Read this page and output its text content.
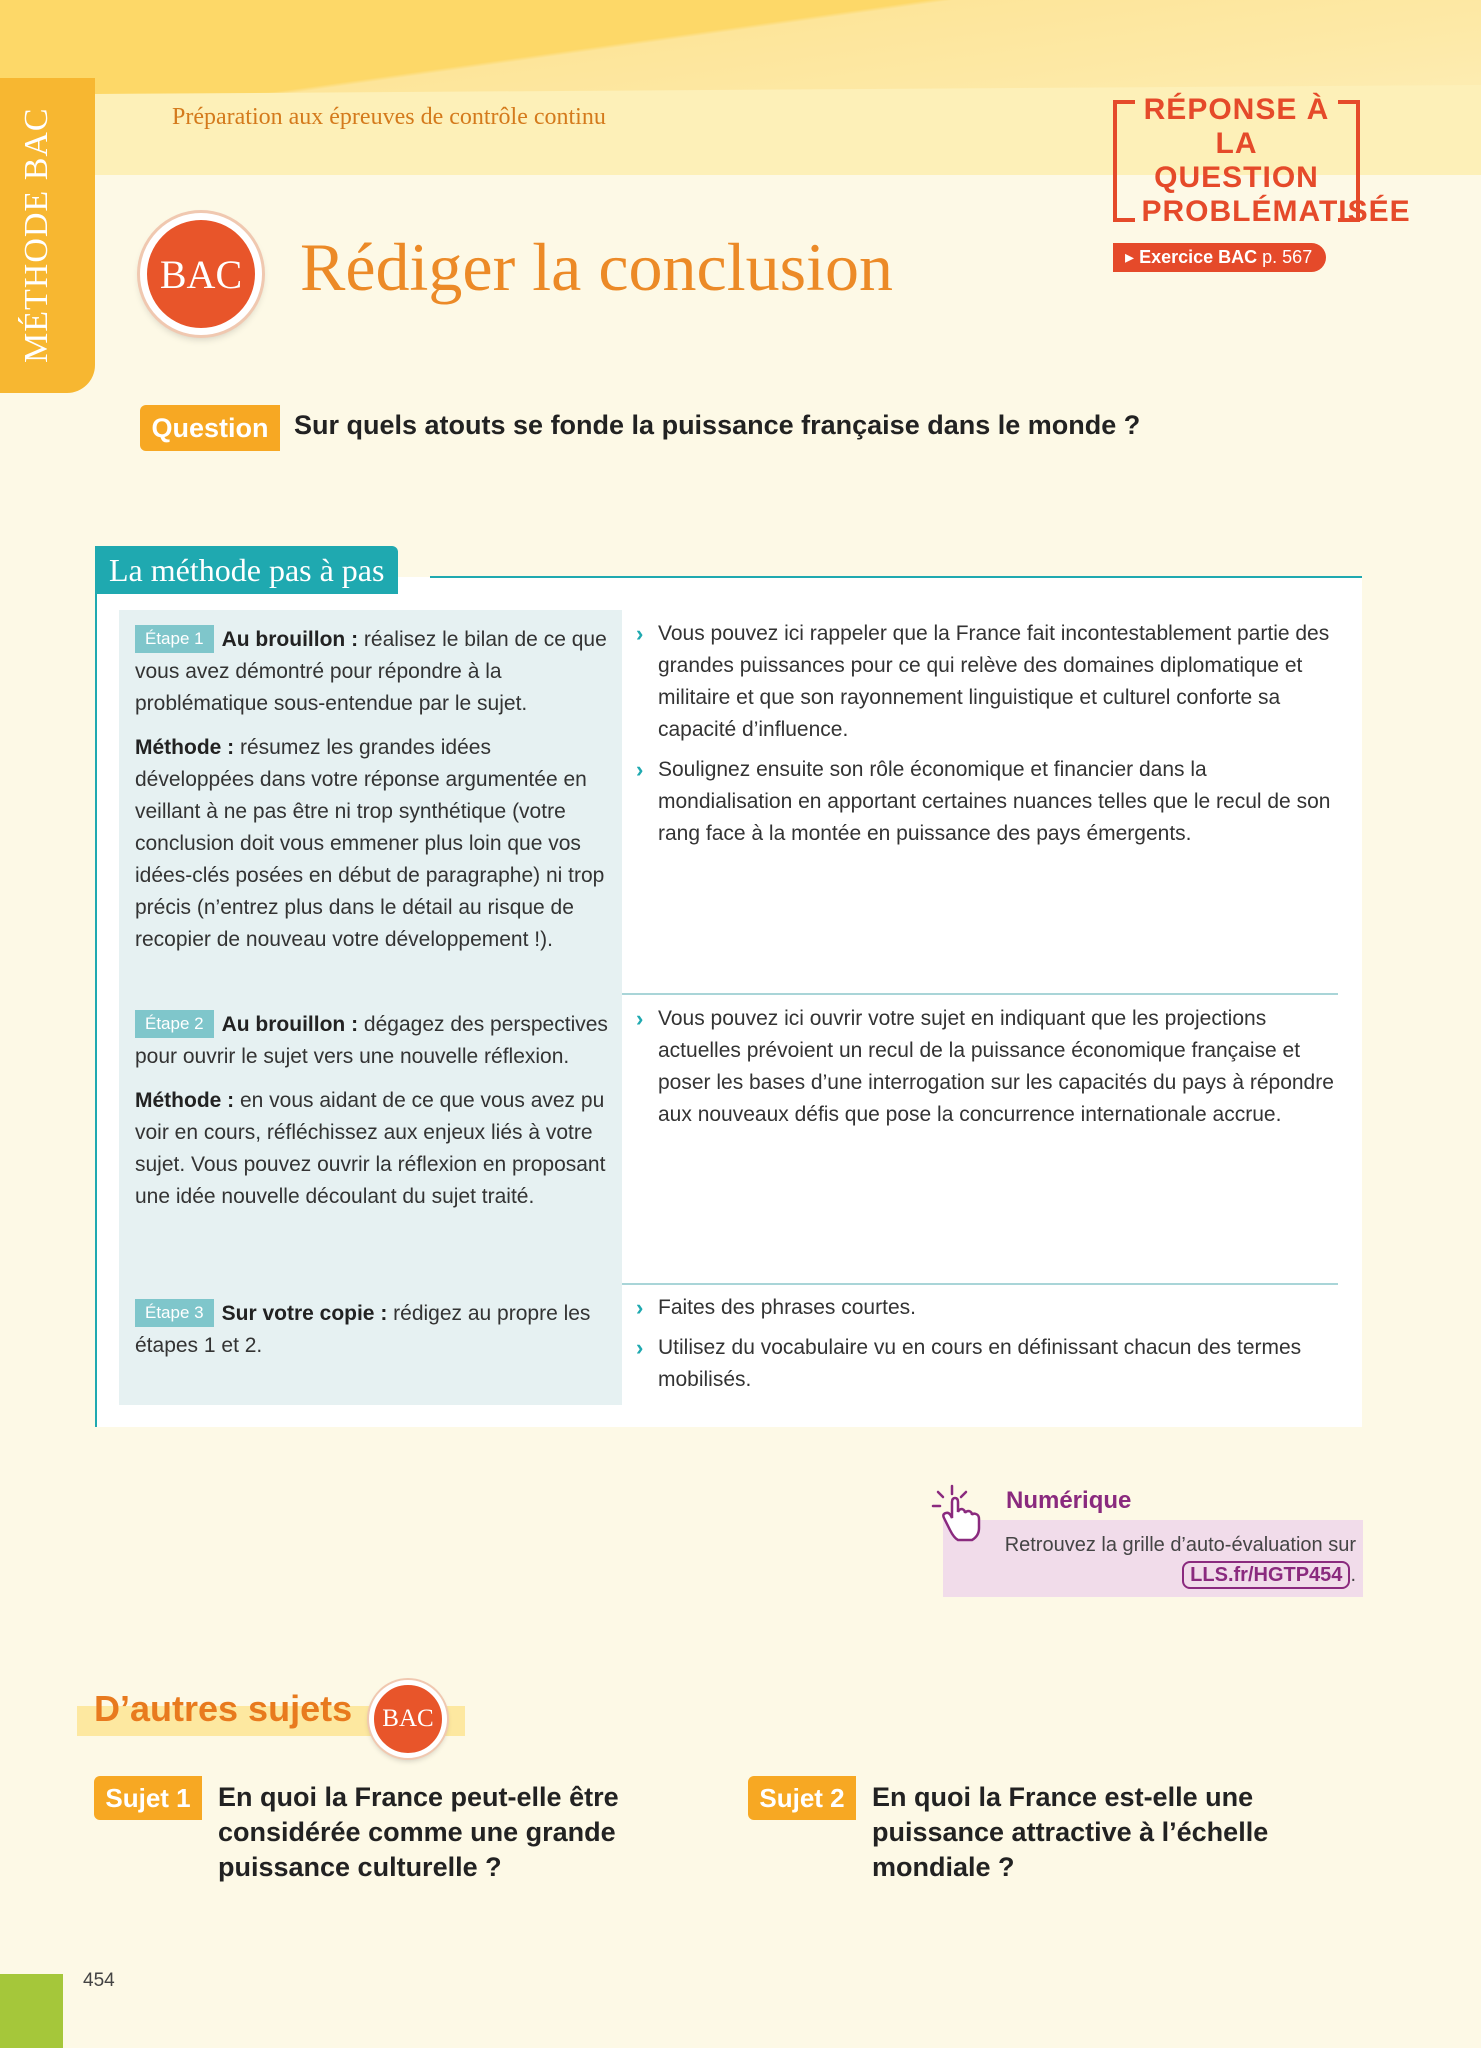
MÉTHODE BAC	Préparation aux épreuves de contrôle continu
BAC Rédiger la conclusion
RÉPONSE À LA QUESTION PROBLÉMATISÉE
▸ Exercice BAC p. 567
Question Sur quels atouts se fonde la puissance française dans le monde ?
La méthode pas à pas

Étape 1 Au brouillon : réalisez le bilan de ce que vous avez démontré pour répondre à la problématique sous-entendue par le sujet.

Méthode : résumez les grandes idées développées dans votre réponse argumentée en veillant à ne pas être ni trop synthétique (votre conclusion doit vous emmener plus loin que vos idées-clés posées en début de paragraphe) ni trop précis (n’entrez plus dans le détail au risque de recopier de nouveau votre développement !).

› Vous pouvez ici rappeler que la France fait incontestablement partie des grandes puissances pour ce qui relève des domaines diplomatique et militaire et que son rayonnement linguistique et culturel conforte sa capacité d’influence.
› Soulignez ensuite son rôle économique et financier dans la mondialisation en apportant certaines nuances telles que le recul de son rang face à la montée en puissance des pays émergents.

Étape 2 Au brouillon : dégagez des perspectives pour ouvrir le sujet vers une nouvelle réflexion.

Méthode : en vous aidant de ce que vous avez pu voir en cours, réfléchissez aux enjeux liés à votre sujet. Vous pouvez ouvrir la réflexion en proposant une idée nouvelle découlant du sujet traité.

› Vous pouvez ici ouvrir votre sujet en indiquant que les projections actuelles prévoient un recul de la puissance économique française et poser les bases d’une interrogation sur les capacités du pays à répondre aux nouveaux défis que pose la concurrence internationale accrue.

Étape 3 Sur votre copie : rédigez au propre les étapes 1 et 2.

› Faites des phrases courtes.
› Utilisez du vocabulaire vu en cours en définissant chacun des termes mobilisés.
Numérique
Retrouvez la grille d’auto-évaluation sur LLS.fr/HGTP454 .
D’autres sujets	BAC
Sujet 1	En quoi la France peut-elle être considérée comme une grande puissance culturelle ?
Sujet 2	En quoi la France est-elle une puissance attractive à l’échelle mondiale ?
454
